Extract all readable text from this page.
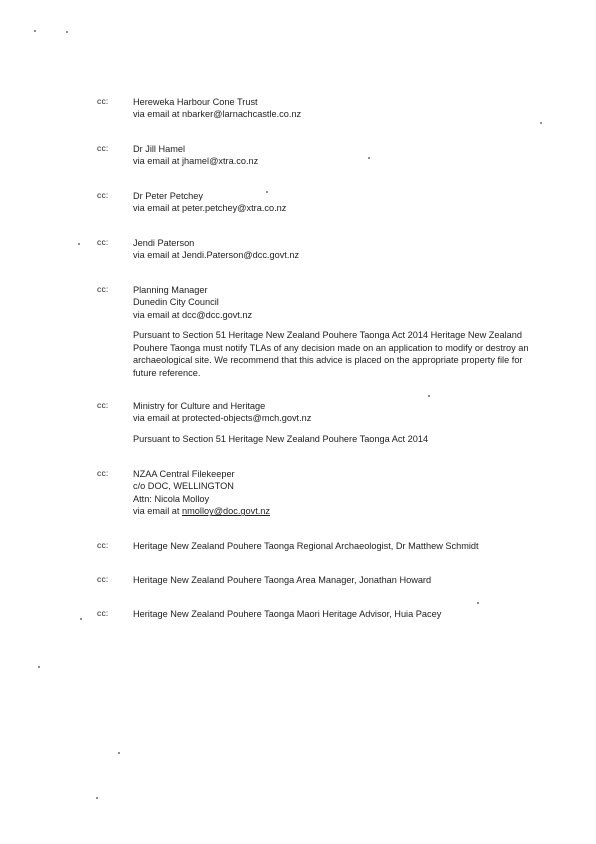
cc:	Hereweka Harbour Cone Trust
via email at nbarker@larnachcastle.co.nz
cc:	Dr Jill Hamel
via email at jhamel@xtra.co.nz
cc:	Dr Peter Petchey
via email at peter.petchey@xtra.co.nz
cc:	Jendi Paterson
via email at Jendi.Paterson@dcc.govt.nz
cc:	Planning Manager
Dunedin City Council
via email at dcc@dcc.govt.nz
Pursuant to Section 51 Heritage New Zealand Pouhere Taonga Act 2014 Heritage New Zealand Pouhere Taonga must notify TLAs of any decision made on an application to modify or destroy an archaeological site. We recommend that this advice is placed on the appropriate property file for future reference.
cc:	Ministry for Culture and Heritage
via email at protected-objects@mch.govt.nz
Pursuant to Section 51 Heritage New Zealand Pouhere Taonga Act 2014
cc:	NZAA Central Filekeeper
c/o DOC, WELLINGTON
Attn: Nicola Molloy
via email at nmolloy@doc.govt.nz
cc:	Heritage New Zealand Pouhere Taonga Regional Archaeologist, Dr Matthew Schmidt
cc:	Heritage New Zealand Pouhere Taonga Area Manager, Jonathan Howard
cc:	Heritage New Zealand Pouhere Taonga Maori Heritage Advisor, Huia Pacey
